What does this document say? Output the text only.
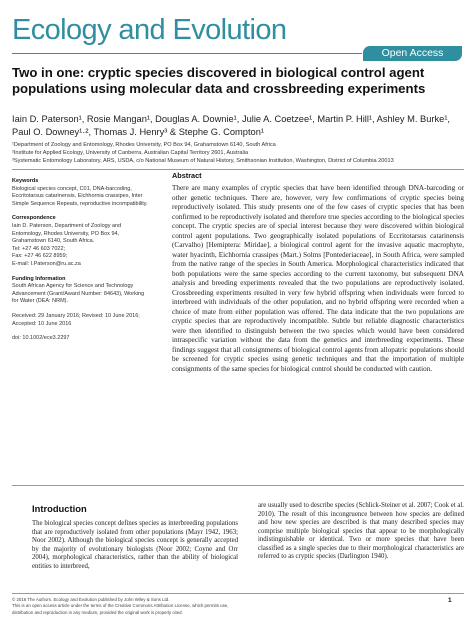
Ecology and Evolution
Open Access
Two in one: cryptic species discovered in biological control agent populations using molecular data and crossbreeding experiments
Iain D. Paterson¹, Rosie Mangan¹, Douglas A. Downie¹, Julie A. Coetzee¹, Martin P. Hill¹, Ashley M. Burke¹, Paul O. Downey¹·², Thomas J. Henry³ & Stephe G. Compton¹
¹Department of Zoology and Entomology, Rhodes University, PO Box 94, Grahamstown 6140, South Africa
²Institute for Applied Ecology, University of Canberra, Australian Capital Territory 2601, Australia
³Systematic Entomology Laboratory, ARS, USDA, c/o National Museum of Natural History, Smithsonian Institution, Washington, District of Columbia 20013
Keywords
Biological species concept, C01, DNA-barcoding, Eccritotarsus catarinensis, Eichhornia crassipes, Inter Simple Sequence Repeats, reproductive incompatibility.
Correspondence
Iain D. Paterson, Department of Zoology and Entomology, Rhodes University, PO Box 94, Grahamstown 6140, South Africa.
Tel: +27 46 603 7022;
Fax: +27 46 622 8959;
E-mail: I.Paterson@ru.ac.za
Funding Information
South African Agency for Science and Technology Advancement (Grant/Award Number: 84643), Working for Water (DEA: NRM).
Received: 29 January 2016; Revised: 10 June 2016; Accepted: 10 June 2016
doi: 10.1002/ece3.2297
Abstract
There are many examples of cryptic species that have been identified through DNA-barcoding or other genetic techniques. There are, however, very few confirmations of cryptic species being reproductively isolated. This study presents one of the few cases of cryptic species that has been confirmed to be reproductively isolated and therefore true species according to the biological species concept. The cryptic species are of special interest because they were discovered within biological control agent populations. Two geographically isolated populations of Eccritotarsus catarinensis (Carvalho) [Hemiptera: Miridae], a biological control agent for the invasive aquatic macrophyte, water hyacinth, Eichhornia crassipes (Mart.) Solms [Pontederiaceae], in South Africa, were sampled from the native range of the species in South America. Morphological characteristics indicated that both populations were the same species according to the current taxonomy, but subsequent DNA analysis and breeding experiments revealed that the two populations are reproductively isolated. Crossbreeding experiments resulted in very few hybrid offspring when individuals were forced to interbreed with individuals of the other population, and no hybrid offspring were recorded when a choice of mate from either population was offered. The data indicate that the two populations are cryptic species that are reproductively incompatible. Subtle but reliable diagnostic characteristics were then identified to distinguish between the two species which would have been considered intraspecific variation without the data from the genetics and interbreeding experiments. These findings suggest that all consignments of biological control agents from allopatric populations should be screened for cryptic species using genetic techniques and that the importation of multiple consignments of the same species for biological control should be conducted with caution.
Introduction
The biological species concept defines species as interbreeding populations that are reproductively isolated from other populations (Mayr 1942, 1963; Noor 2002). Although the biological species concept is generally accepted by the majority of evolutionary biologists (Noor 2002; Coyne and Orr 2004), morphological characteristics, rather than the ability of biological entities to interbreed,
are usually used to describe species (Schlick-Steiner et al. 2007; Cook et al. 2010). The result of this incongruence between how species are defined and how new species are described is that many described species may comprise multiple biological species that appear to be morphologically indistinguishable or identical. Two or more species that have been classified as a single species due to their morphological characteristics are referred to as cryptic species (Darlington 1940).
© 2016 The Authors. Ecology and Evolution published by John Wiley & Sons Ltd.
This is an open access article under the terms of the Creative Commons Attribution License, which permits use,
distribution and reproduction in any medium, provided the original work is properly cited.
1
